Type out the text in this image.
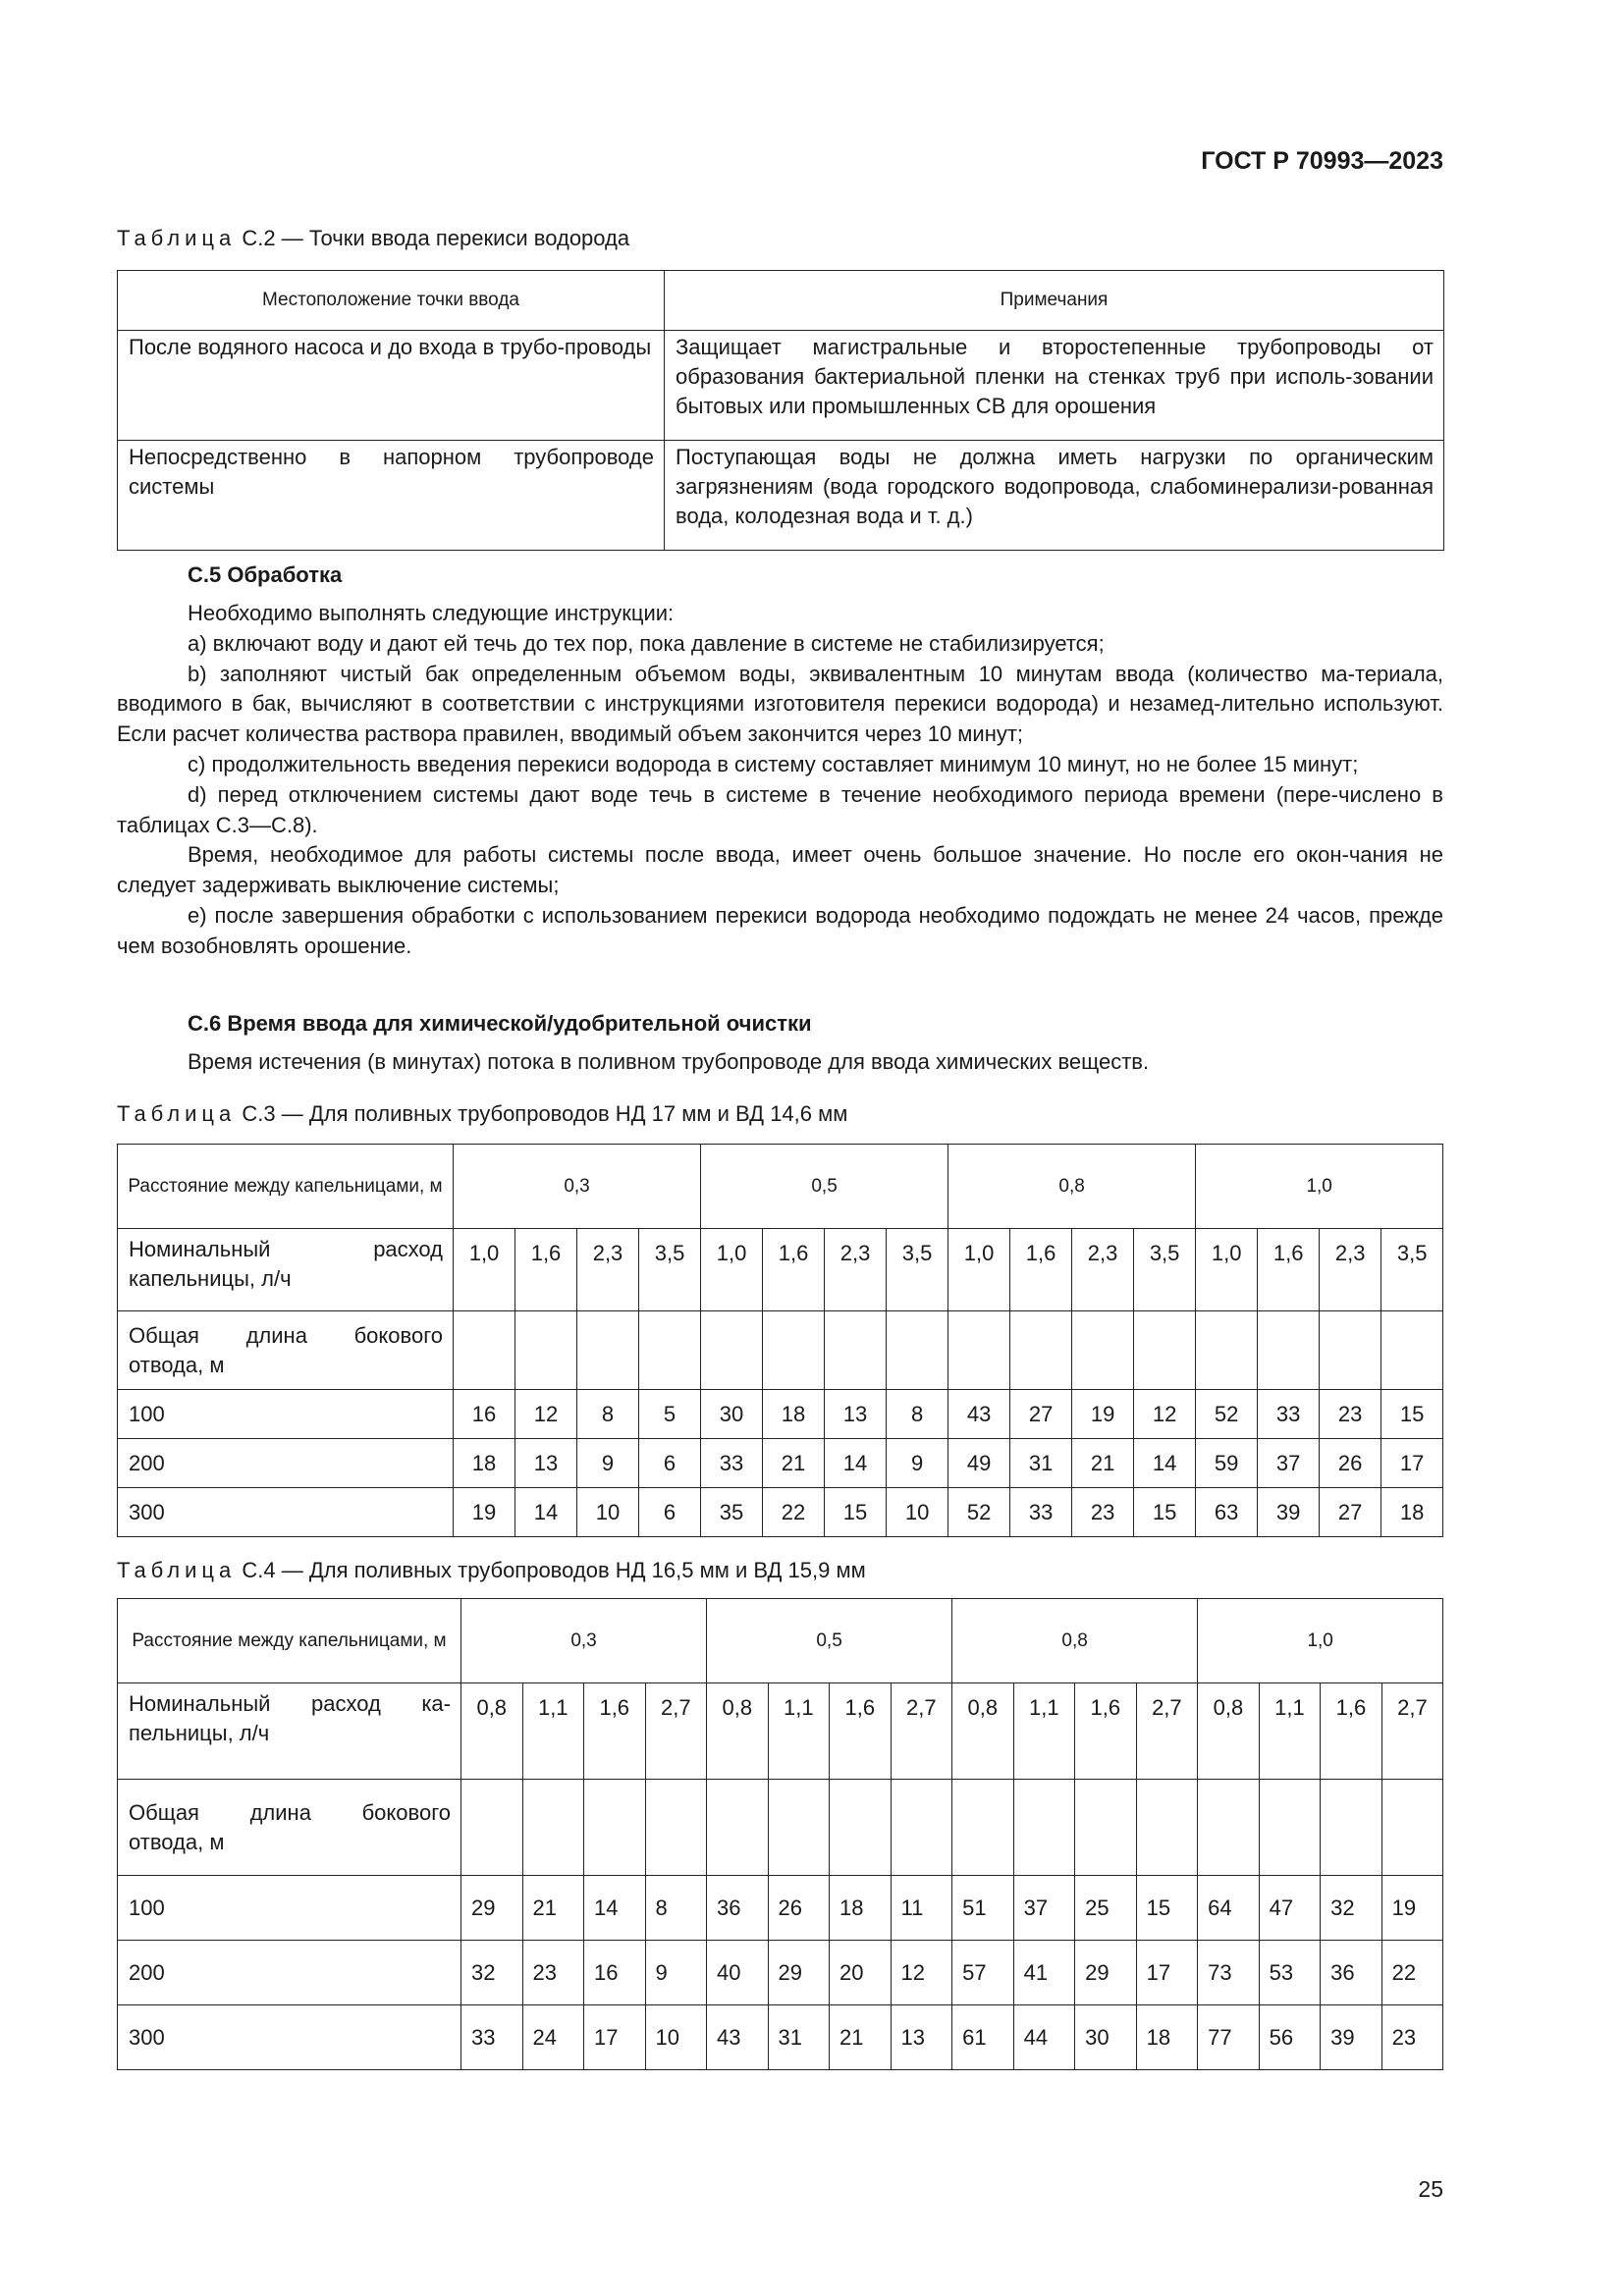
ГОСТ Р 70993—2023
Таблица С.2 — Точки ввода перекиси водорода
Местоположение точки ввода	Примечания
После водяного насоса и до входа в трубо-проводы	Защищает магистральные и второстепенные трубопроводы от образования бактериальной пленки на стенках труб при исполь-зовании бытовых или промышленных СВ для орошения
Непосредственно в напорном трубопроводе системы	Поступающая воды не должна иметь нагрузки по органическим загрязнениям (вода городского водопровода, слабоминерализи-рованная вода, колодезная вода и т. д.)
С.5 Обработка

Необходимо выполнять следующие инструкции:

a) включают воду и дают ей течь до тех пор, пока давление в системе не стабилизируется;

b) заполняют чистый бак определенным объемом воды, эквивалентным 10 минутам ввода (количество ма-териала, вводимого в бак, вычисляют в соответствии с инструкциями изготовителя перекиси водорода) и незамед-лительно используют. Если расчет количества раствора правилен, вводимый объем закончится через 10 минут;

c) продолжительность введения перекиси водорода в систему составляет минимум 10 минут, но не более 15 минут;

d) перед отключением системы дают воде течь в системе в течение необходимого периода времени (пере-числено в таблицах С.3—С.8).

Время, необходимое для работы системы после ввода, имеет очень большое значение. Но после его окон-чания не следует задерживать выключение системы;

e) после завершения обработки с использованием перекиси водорода необходимо подождать не менее 24 часов, прежде чем возобновлять орошение.

С.6 Время ввода для химической/удобрительной очистки

Время истечения (в минутах) потока в поливном трубопроводе для ввода химических веществ.

Таблица С.3 — Для поливных трубопроводов НД 17 мм и ВД 14,6 мм
Расстояние между капельницами, м	0,3				0,5				0,8				1,0			

Номинальный расход
капельницы, л/ч	1,0	1,6	2,3	3,5	1,0	1,6	2,3	3,5	1,0	1,6	2,3	3,5	1,0	1,6	2,3	3,5

Общая длина бокового
отвода, м																

100	16	12	8	5	30	18	13	8	43	27	19	12	52	33	23	15
200	18	13	9	6	33	21	14	9	49	31	21	14	59	37	26	17
300	19	14	10	6	35	22	15	10	52	33	23	15	63	39	27	18
Таблица С.4 — Для поливных трубопроводов НД 16,5 мм и ВД 15,9 мм
Расстояние между капельницами, м	0,3				0,5				0,8				1,0			

Номинальный расход ка-
пельницы, л/ч	0,8	1,1	1,6	2,7	0,8	1,1	1,6	2,7	0,8	1,1	1,6	2,7	0,8	1,1	1,6	2,7

Общая длина бокового
отвода, м																

100	29	21	14	8	36	26	18	11	51	37	25	15	64	47	32	19
200	32	23	16	9	40	29	20	12	57	41	29	17	73	53	36	22
300	33	24	17	10	43	31	21	13	61	44	30	18	77	56	39	23
25
